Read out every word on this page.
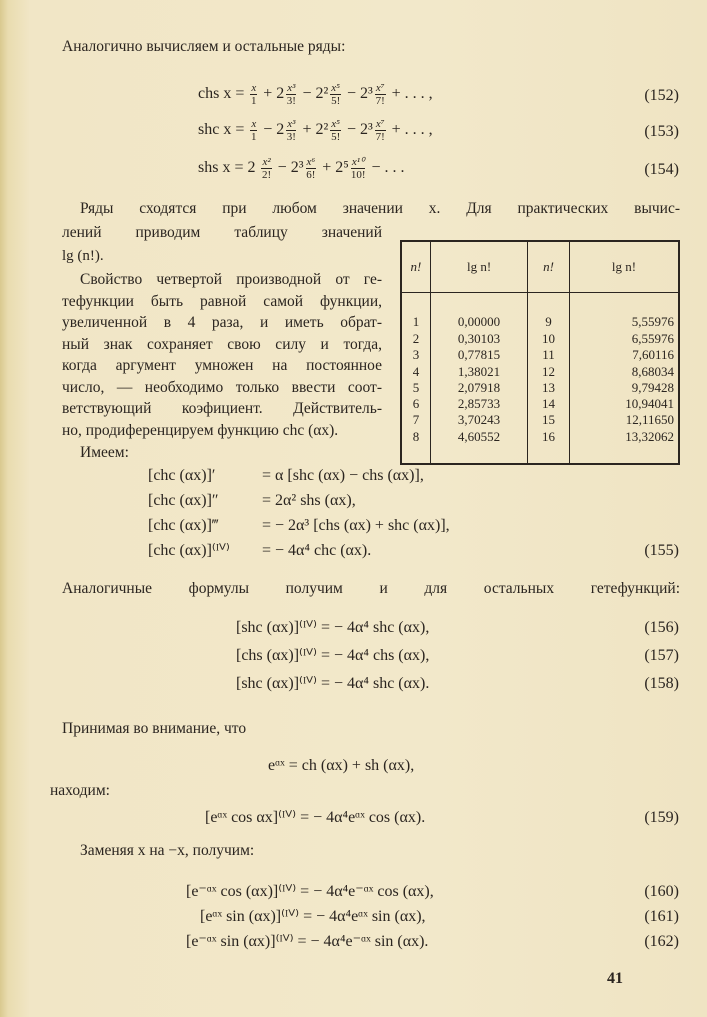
Аналогично вычисляем и остальные ряды:
chs $x = \frac{x}{1} + 2 \frac{\text{x³}}{3!} - 2^2 \frac{\text{x⁵}}{5!} - 2^3 \frac{\text{x⁷}}{7!}$ + . . . ,	(152)
shc $x = \frac{x}{1} - 2 \frac{\text{x³}}{3!} + 2^2 \frac{\text{x⁵}}{5!} - 2^3 \frac{\text{x⁷}}{7!}$ + . . . ,	(153)
shs $x = 2 \frac{\text{x²}}{2!} - 2^3 \frac{\text{x⁶}}{6!} + 2^5 \frac{\text{x¹⁰}}{10!}$ − . . .	(154)
Ряды сходятся при любом значении x. Для практических вычис-
лений приводим таблицу значений
lg (n!).
Свойство четвертой производной от ге-
тефункции быть равной самой функции,
увеличенной в 4 раза, и иметь обрат-
ный знак сохраняет свою силу и тогда,
когда аргумент умножен на постоянное
число, — необходимо только ввести соот-
ветствующий коэфициент. Действитель-
но, продиференцируем функцию chc (αx).
n!	lg n!	n!	lg n!
1	0,00000	9	5,55976
2	0,30103	10	6,55976
3	0,77815	11	7,60116
4	1,38021	12	8,68034
5	2,07918	13	9,79428
6	2,85733	14	10,94041
7	3,70243	15	12,11650
8	4,60552	16	13,32062
Имеем:
[chc (αx)]′	= α [shc (αx) − chs (αx)],
[chc (αx)]″	= 2α² shs (αx),
[chc (αx)]‴	= − 2α³ [chs (αx) + shc (αx)],
[chc (αx)]⁽ᴵⱽ⁾ = − 4α⁴ chc (αx).	(155)
Аналогичные формулы получим и для остальных гетефункций:
[shc (αx)]⁽ᴵⱽ⁾ = − 4α⁴ shc (αx),	(156)
[chs (αx)]⁽ᴵⱽ⁾ = − 4α⁴ chs (αx),	(157)
[shc (αx)]⁽ᴵⱽ⁾ = − 4α⁴ shc (αx).	(158)
Принимая во внимание, что
eᵅˣ = ch (αx) + sh (αx),
находим:
[eᵅˣ cos αx]⁽ᴵⱽ⁾ = − 4α⁴eᵅˣ cos (αx).	(159)
Заменяя x на −x, получим:
[e⁻ᵅˣ cos (αx)]⁽ᴵⱽ⁾ = − 4α⁴e⁻ᵅˣ cos (αx),	(160)
[eᵅˣ sin (αx)]⁽ᴵⱽ⁾ = − 4α⁴eᵅˣ sin (αx),	(161)
[e⁻ᵅˣ sin (αx)]⁽ᴵⱽ⁾ = − 4α⁴e⁻ᵅˣ sin (αx).	(162)
41
